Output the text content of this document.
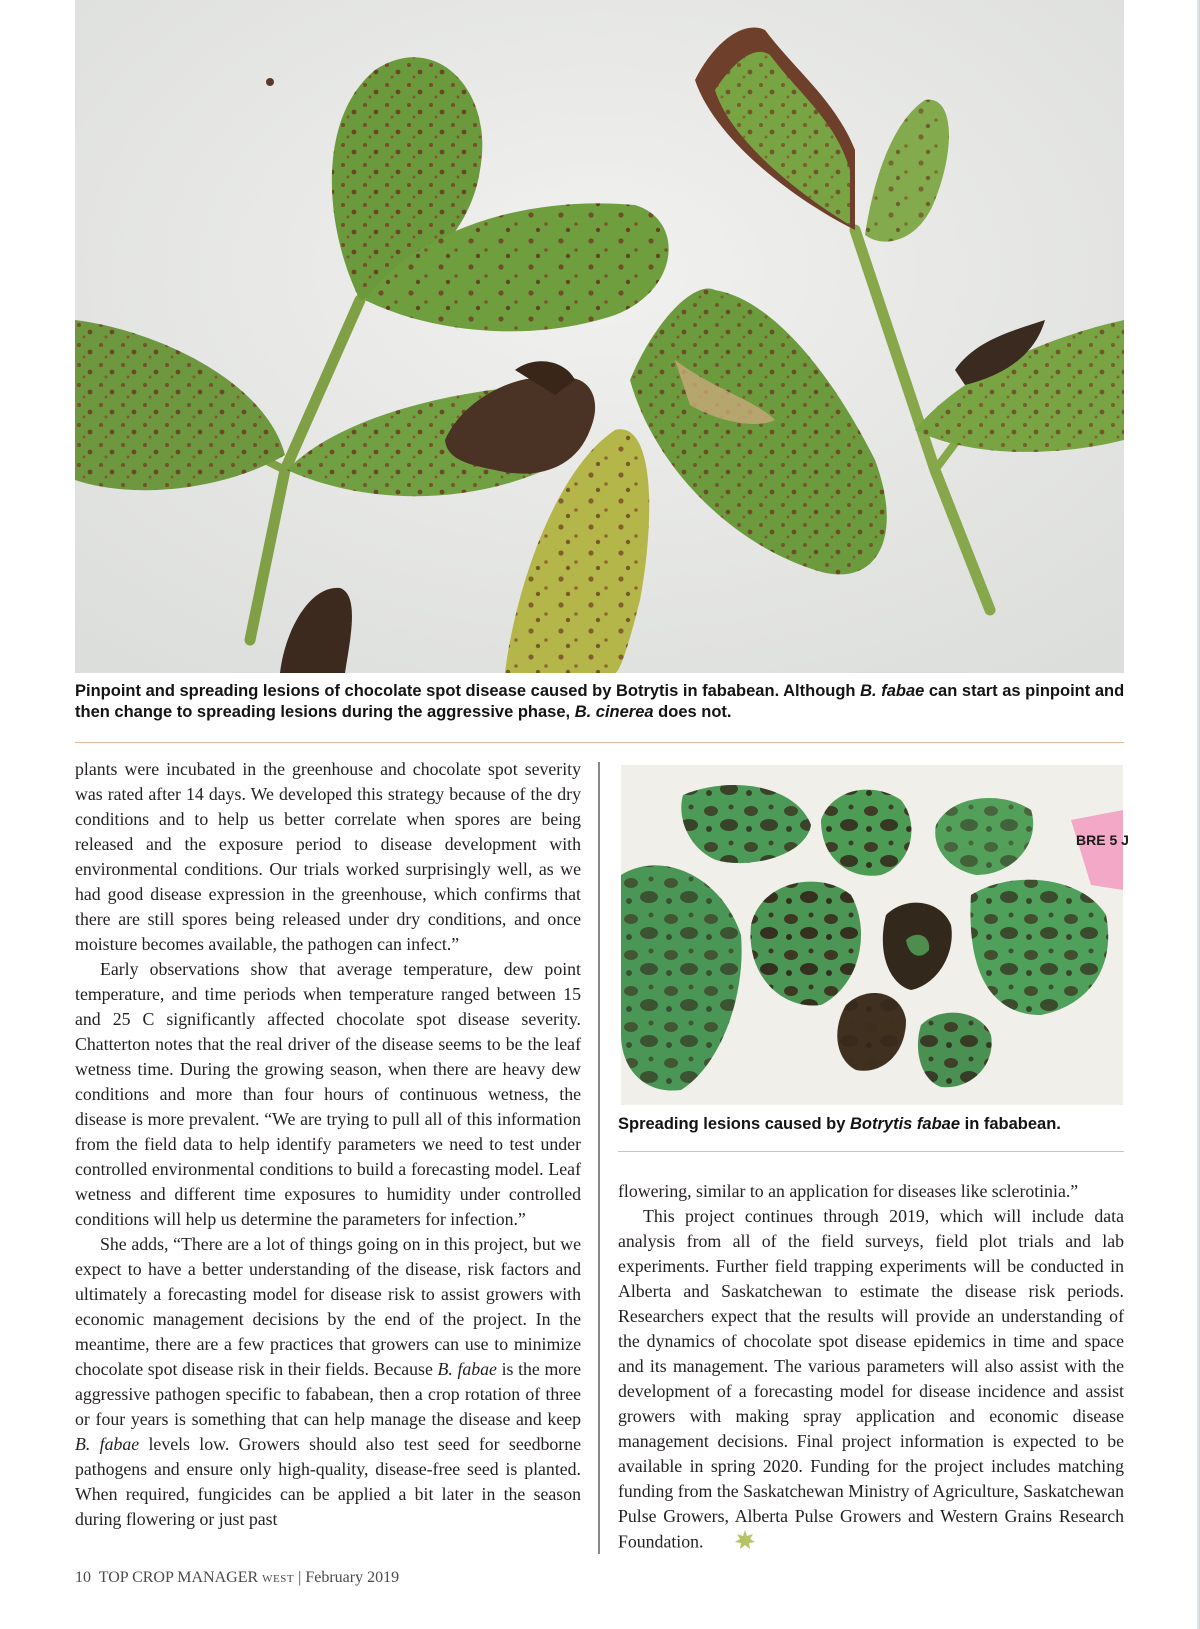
Pinpoint and spreading lesions of chocolate spot disease caused by Botrytis in fababean. Although B. fabae can start as pinpoint and then change to spreading lesions during the aggressive phase, B. cinerea does not.

plants were incubated in the greenhouse and chocolate spot severity was rated after 14 days. We developed this strategy because of the dry conditions and to help us better correlate when spores are being released and the exposure period to disease development with environmental conditions. Our trials worked surprisingly well, as we had good disease expression in the greenhouse, which confirms that there are still spores being released under dry conditions, and once moisture becomes available, the pathogen can infect.”

Early observations show that average temperature, dew point temperature, and time periods when temperature ranged between 15 and 25 C significantly affected chocolate spot disease severity. Chatterton notes that the real driver of the disease seems to be the leaf wetness time. During the growing season, when there are heavy dew conditions and more than four hours of continuous wetness, the disease is more prevalent. “We are trying to pull all of this information from the field data to help identify parameters we need to test under controlled environmental conditions to build a forecasting model. Leaf wetness and different time exposures to humidity under controlled conditions will help us determine the parameters for infection.”

She adds, “There are a lot of things going on in this project, but we expect to have a better understanding of the disease, risk factors and ultimately a forecasting model for disease risk to assist growers with economic management decisions by the end of the project. In the meantime, there are a few practices that growers can use to minimize chocolate spot disease risk in their fields. Because B. fabae is the more aggressive pathogen specific to fababean, then a crop rotation of three or four years is something that can help manage the disease and keep B. fabae levels low. Growers should also test seed for seedborne pathogens and ensure only high-quality, disease-free seed is planted. When required, fungicides can be applied a bit later in the season during flowering or just past

BRE 5 J
Spreading lesions caused by Botrytis fabae in fababean.

flowering, similar to an application for diseases like sclerotinia.”

This project continues through 2019, which will include data analysis from all of the field surveys, field plot trials and lab experiments. Further field trapping experiments will be conducted in Alberta and Saskatchewan to estimate the disease risk periods. Researchers expect that the results will provide an understanding of the dynamics of chocolate spot disease epidemics in time and space and its management. The various parameters will also assist with the development of a forecasting model for disease incidence and assist growers with making spray application and economic disease management decisions. Final project information is expected to be available in spring 2020. Funding for the project includes matching funding from the Saskatchewan Ministry of Agriculture, Saskatchewan Pulse Growers, Alberta Pulse Growers and Western Grains Research Foundation.

10 TOP CROP MANAGER WEST | February 2019
